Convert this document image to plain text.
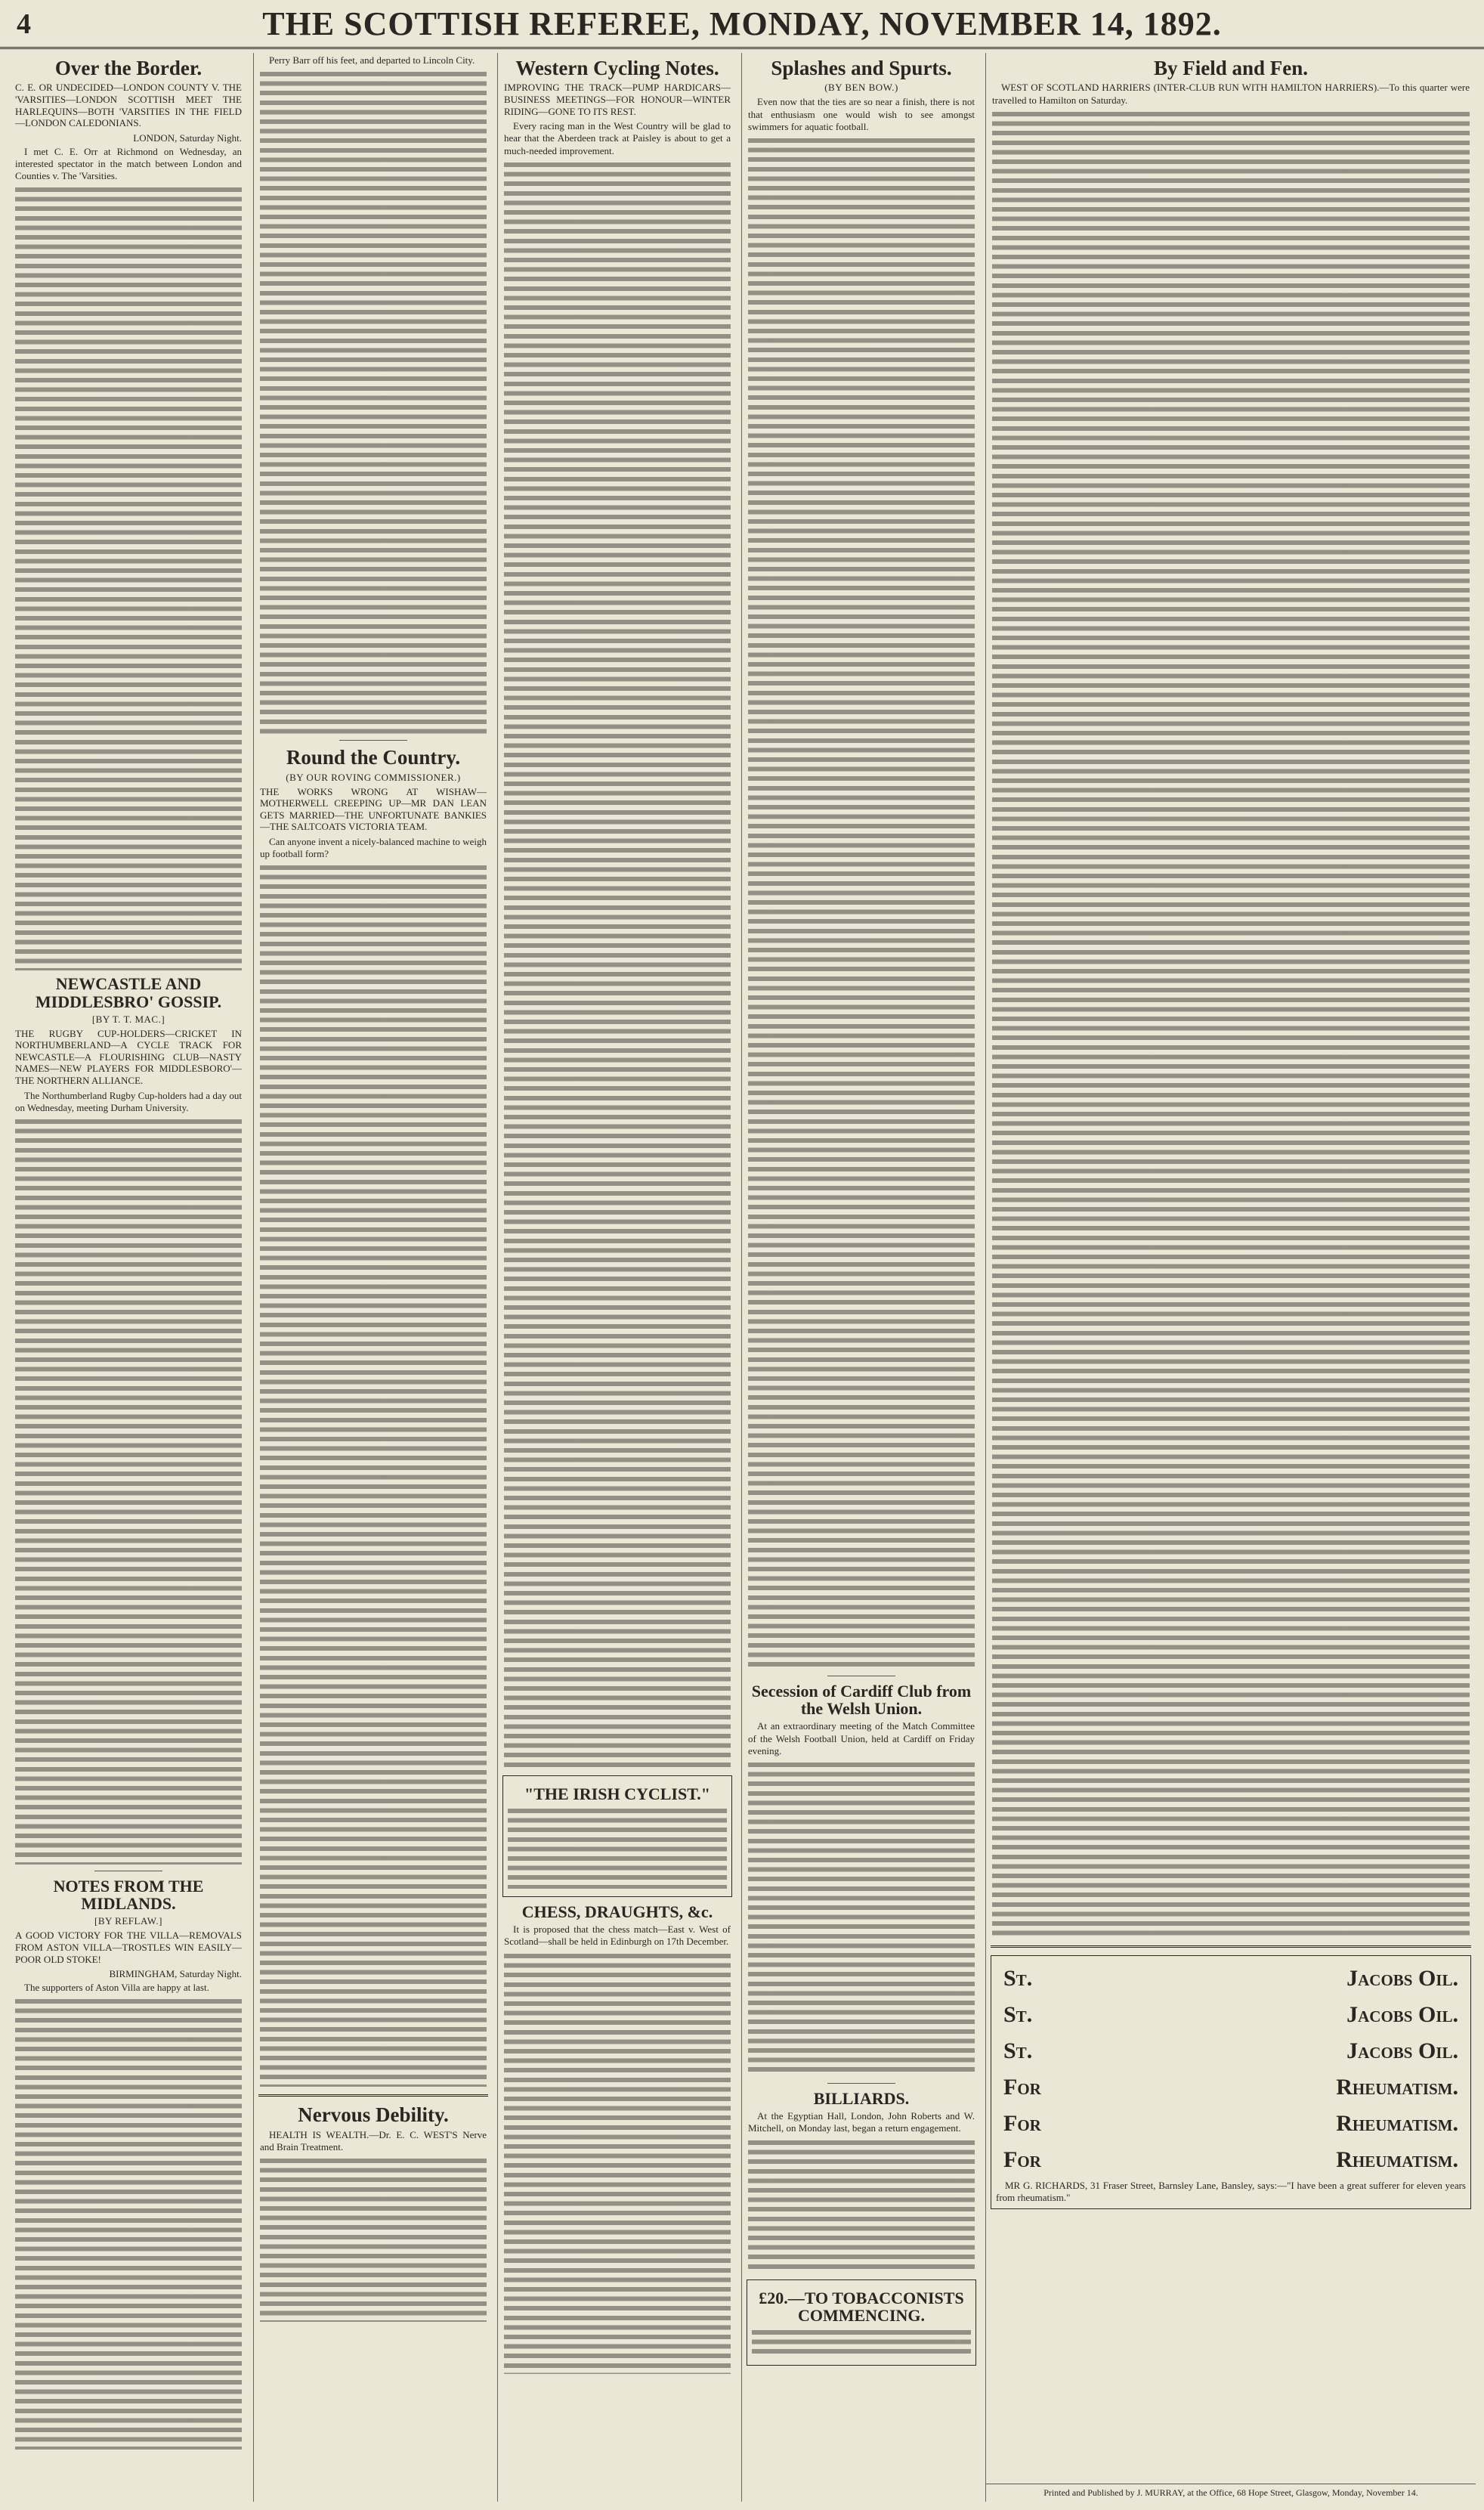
4	THE SCOTTISH REFEREE, MONDAY, NOVEMBER 14, 1892.
Over the Border.
C. E. OR UNDECIDED—LONDON COUNTY V. THE 'VARSITIES—LONDON SCOTTISH MEET THE HARLEQUINS—BOTH 'VARSITIES IN THE FIELD—LONDON CALEDONIANS.
LONDON, Saturday Night.

I met C. E. Orr at Richmond on Wednesday, an interested spectator in the match between London and Counties v. The 'Varsities.

NEWCASTLE AND MIDDLESBRO' GOSSIP.
[BY T. T. MAC.]
THE RUGBY CUP-HOLDERS—CRICKET IN NORTHUMBERLAND—A CYCLE TRACK FOR NEWCASTLE—A FLOURISHING CLUB—NASTY NAMES—NEW PLAYERS FOR MIDDLESBORO'—THE NORTHERN ALLIANCE.

The Northumberland Rugby Cup-holders had a day out on Wednesday, meeting Durham University.

NOTES FROM THE MIDLANDS.
[BY REFLAW.]
A GOOD VICTORY FOR THE VILLA—REMOVALS FROM ASTON VILLA—TROSTLES WIN EASILY—POOR OLD STOKE!
BIRMINGHAM, Saturday Night.

The supporters of Aston Villa are happy at last.

Perry Barr off his feet, and departed to Lincoln City.

Round the Country.
(BY OUR ROVING COMMISSIONER.)
THE WORKS WRONG AT WISHAW—MOTHERWELL CREEPING UP—MR DAN LEAN GETS MARRIED—THE UNFORTUNATE BANKIES—THE SALTCOATS VICTORIA TEAM.

Can anyone invent a nicely-balanced machine to weigh up football form?

Nervous Debility.

HEALTH IS WEALTH.—Dr. E. C. WEST'S Nerve and Brain Treatment.

Western Cycling Notes.
IMPROVING THE TRACK—PUMP HARDICARS—BUSINESS MEETINGS—FOR HONOUR—WINTER RIDING—GONE TO ITS REST.

Every racing man in the West Country will be glad to hear that the Aberdeen track at Paisley is about to get a much-needed improvement.

"THE IRISH CYCLIST."
CHESS, DRAUGHTS, &c.

It is proposed that the chess match—East v. West of Scotland—shall be held in Edinburgh on 17th December.

Splashes and Spurts.
(BY BEN BOW.)

Even now that the ties are so near a finish, there is not that enthusiasm one would wish to see amongst swimmers for aquatic football.

Secession of Cardiff Club from the Welsh Union.

At an extraordinary meeting of the Match Committee of the Welsh Football Union, held at Cardiff on Friday evening.

BILLIARDS.

At the Egyptian Hall, London, John Roberts and W. Mitchell, on Monday last, began a return engagement.

£20.—TO TOBACCONISTS COMMENCING.
By Field and Fen.

WEST OF SCOTLAND HARRIERS (INTER-CLUB RUN WITH HAMILTON HARRIERS).—To this quarter were travelled to Hamilton on Saturday.

St.	Jacobs Oil.
St.	Jacobs Oil.
St.	Jacobs Oil.
For	Rheumatism.
For	Rheumatism.
For	Rheumatism.

MR G. RICHARDS, 31 Fraser Street, Barnsley Lane, Bansley, says:—"I have been a great sufferer for eleven years from rheumatism."

Printed and Published by J. MURRAY, at the Office, 68 Hope Street, Glasgow, Monday, November 14.
